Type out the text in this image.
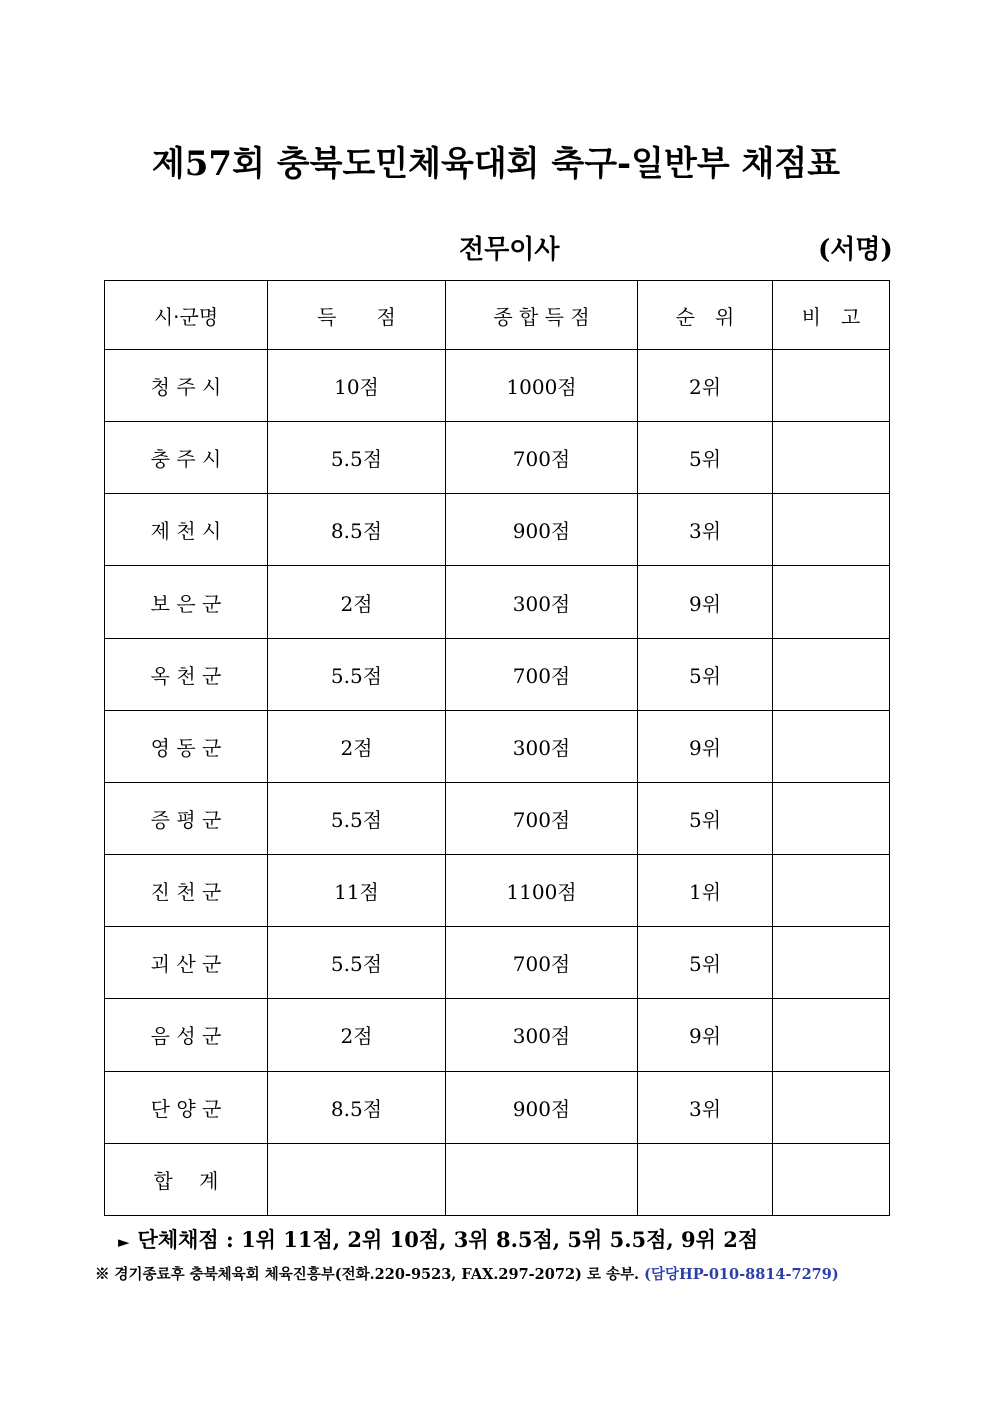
제57회 충북도민체육대회 축구-일반부 채점표
전무이사	(서명)
시·군명	득　　점	종 합 득 점	순　위	비　고
청 주 시	10점	1000점	2위	
충 주 시	5.5점	700점	5위	
제 천 시	8.5점	900점	3위	
보 은 군	2점	300점	9위	
옥 천 군	5.5점	700점	5위	
영 동 군	2점	300점	9위	
증 평 군	5.5점	700점	5위	
진 천 군	11점	1100점	1위	
괴 산 군	5.5점	700점	5위	
음 성 군	2점	300점	9위	
단 양 군	8.5점	900점	3위	
합　 계				
► 단체채점 : 1위 11점, 2위 10점, 3위 8.5점, 5위 5.5점, 9위 2점
※ 경기종료후 충북체육회 체육진흥부(전화.220-9523, FAX.297-2072) 로 송부. (담당HP-010-8814-7279)
